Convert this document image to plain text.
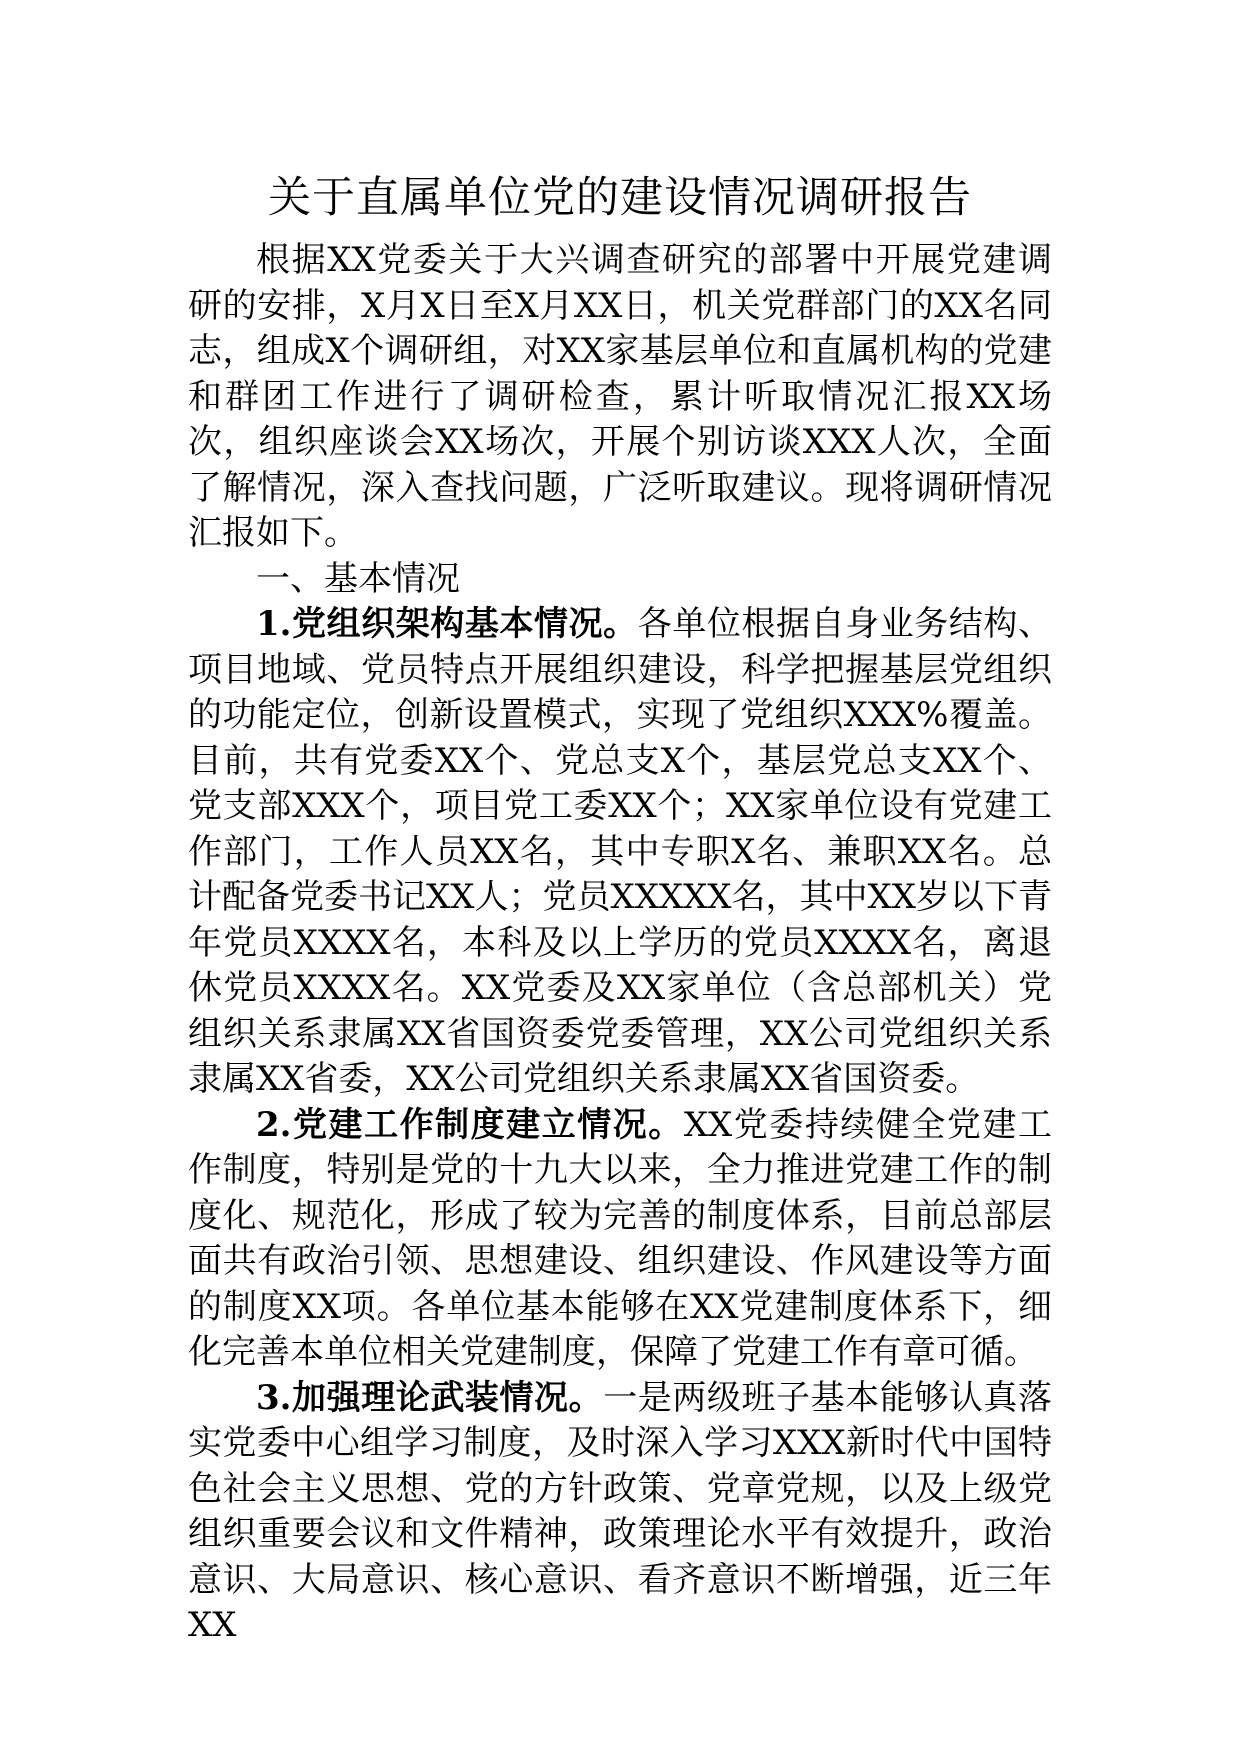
关于直属单位党的建设情况调研报告

根据XX党委关于大兴调查研究的部署中开展党建调研的安排，X月X日至X月XX日，机关党群部门的XX名同志，组成X个调研组，对XX家基层单位和直属机构的党建和群团工作进行了调研检查，累计听取情况汇报XX场次，组织座谈会XX场次，开展个别访谈XXX人次，全面了解情况，深入查找问题，广泛听取建议。现将调研情况汇报如下。

一、基本情况

1.党组织架构基本情况。各单位根据自身业务结构、项目地域、党员特点开展组织建设，科学把握基层党组织的功能定位，创新设置模式，实现了党组织XXX%覆盖。目前，共有党委XX个、党总支X个，基层党总支XX个、党支部XXX个，项目党工委XX个；XX家单位设有党建工作部门，工作人员XX名，其中专职X名、兼职XX名。总计配备党委书记XX人；党员XXXXX名，其中XX岁以下青年党员XXXX名，本科及以上学历的党员XXXX名，离退休党员XXXX名。XX党委及XX家单位（含总部机关）党组织关系隶属XX省国资委党委管理，XX公司党组织关系隶属XX省委，XX公司党组织关系隶属XX省国资委。

2.党建工作制度建立情况。XX党委持续健全党建工作制度，特别是党的十九大以来，全力推进党建工作的制度化、规范化，形成了较为完善的制度体系，目前总部层面共有政治引领、思想建设、组织建设、作风建设等方面的制度XX项。各单位基本能够在XX党建制度体系下，细化完善本单位相关党建制度，保障了党建工作有章可循。

3.加强理论武装情况。一是两级班子基本能够认真落实党委中心组学习制度，及时深入学习XXX新时代中国特色社会主义思想、党的方针政策、党章党规，以及上级党组织重要会议和文件精神，政策理论水平有效提升，政治意识、大局意识、核心意识、看齐意识不断增强，近三年XX
